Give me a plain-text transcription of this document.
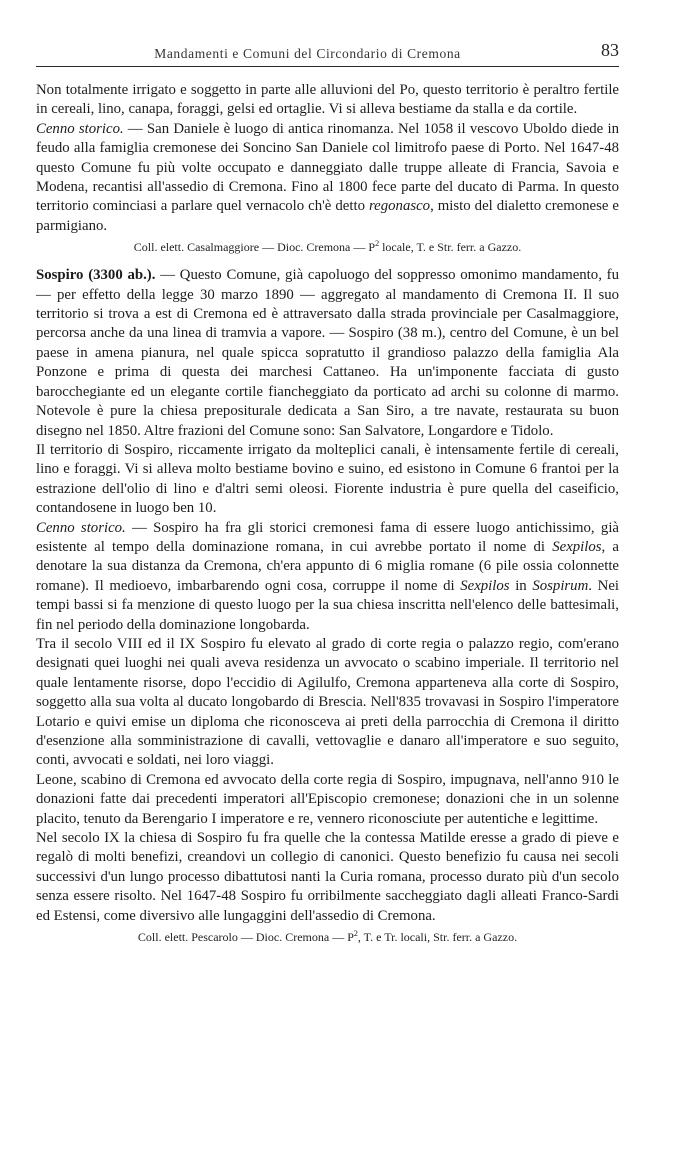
Mandamenti e Comuni del Circondario di Cremona	83

Non totalmente irrigato e soggetto in parte alle alluvioni del Po, questo territorio è peraltro fertile in cereali, lino, canapa, foraggi, gelsi ed ortaglie. Vi si alleva bestiame da stalla e da cortile.

Cenno storico. — San Daniele è luogo di antica rinomanza. Nel 1058 il vescovo Uboldo diede in feudo alla famiglia cremonese dei Soncino San Daniele col limitrofo paese di Porto. Nel 1647-48 questo Comune fu più volte occupato e danneggiato dalle truppe alleate di Francia, Savoia e Modena, recantisi all'assedio di Cremona. Fino al 1800 fece parte del ducato di Parma. In questo territorio cominciasi a parlare quel vernacolo ch'è detto regonasco, misto del dialetto cremonese e parmigiano.

Coll. elett. Casalmaggiore — Dioc. Cremona — $P^2$ locale, T. e Str. ferr. a Gazzo.

Sospiro (3300 ab.). — Questo Comune, già capoluogo del soppresso omonimo mandamento, fu — per effetto della legge 30 marzo 1890 — aggregato al mandamento di Cremona II. Il suo territorio si trova a est di Cremona ed è attraversato dalla strada provinciale per Casalmaggiore, percorsa anche da una linea di tramvia a vapore. — Sospiro (38 m.), centro del Comune, è un bel paese in amena pianura, nel quale spicca sopratutto il grandioso palazzo della famiglia Ala Ponzone e prima di questa dei marchesi Cattaneo. Ha un'imponente facciata di gusto barocchegiante ed un elegante cortile fiancheggiato da porticato ad archi su colonne di marmo. Notevole è pure la chiesa prepositurale dedicata a San Siro, a tre navate, restaurata su buon disegno nel 1850. Altre frazioni del Comune sono: San Salvatore, Longardore e Tidolo.

Il territorio di Sospiro, riccamente irrigato da molteplici canali, è intensamente fertile di cereali, lino e foraggi. Vi si alleva molto bestiame bovino e suino, ed esistono in Comune 6 frantoi per la estrazione dell'olio di lino e d'altri semi oleosi. Fiorente industria è pure quella del caseificio, contandosene in luogo ben 10.

Cenno storico. — Sospiro ha fra gli storici cremonesi fama di essere luogo antichissimo, già esistente al tempo della dominazione romana, in cui avrebbe portato il nome di Sexpilos, a denotare la sua distanza da Cremona, ch'era appunto di 6 miglia romane (6 pile ossia colonnette romane). Il medioevo, imbarbarendo ogni cosa, corruppe il nome di Sexpilos in Sospirum. Nei tempi bassi si fa menzione di questo luogo per la sua chiesa inscritta nell'elenco delle battesimali, fin nel periodo della dominazione longobarda.

Tra il secolo VIII ed il IX Sospiro fu elevato al grado di corte regia o palazzo regio, com'erano designati quei luoghi nei quali aveva residenza un avvocato o scabino imperiale. Il territorio nel quale lentamente risorse, dopo l'eccidio di Agilulfo, Cremona apparteneva alla corte di Sospiro, soggetto alla sua volta al ducato longobardo di Brescia. Nell'835 trovavasi in Sospiro l'imperatore Lotario e quivi emise un diploma che riconosceva ai preti della parrocchia di Cremona il diritto d'esenzione alla somministrazione di cavalli, vettovaglie e danaro all'imperatore e suo seguito, conti, avvocati e soldati, nei loro viaggi.

Leone, scabino di Cremona ed avvocato della corte regia di Sospiro, impugnava, nell'anno 910 le donazioni fatte dai precedenti imperatori all'Episcopio cremonese; donazioni che in un solenne placito, tenuto da Berengario I imperatore e re, vennero riconosciute per autentiche e legittime.

Nel secolo IX la chiesa di Sospiro fu fra quelle che la contessa Matilde eresse a grado di pieve e regalò di molti benefizi, creandovi un collegio di canonici. Questo benefizio fu causa nei secoli successivi d'un lungo processo dibattutosi nanti la Curia romana, processo durato più d'un secolo senza essere risolto. Nel 1647-48 Sospiro fu orribilmente saccheggiato dagli alleati Franco-Sardi ed Estensi, come diversivo alle lungaggini dell'assedio di Cremona.

Coll. elett. Pescarolo — Dioc. Cremona — $P^2$, T. e Tr. locali, Str. ferr. a Gazzo.
